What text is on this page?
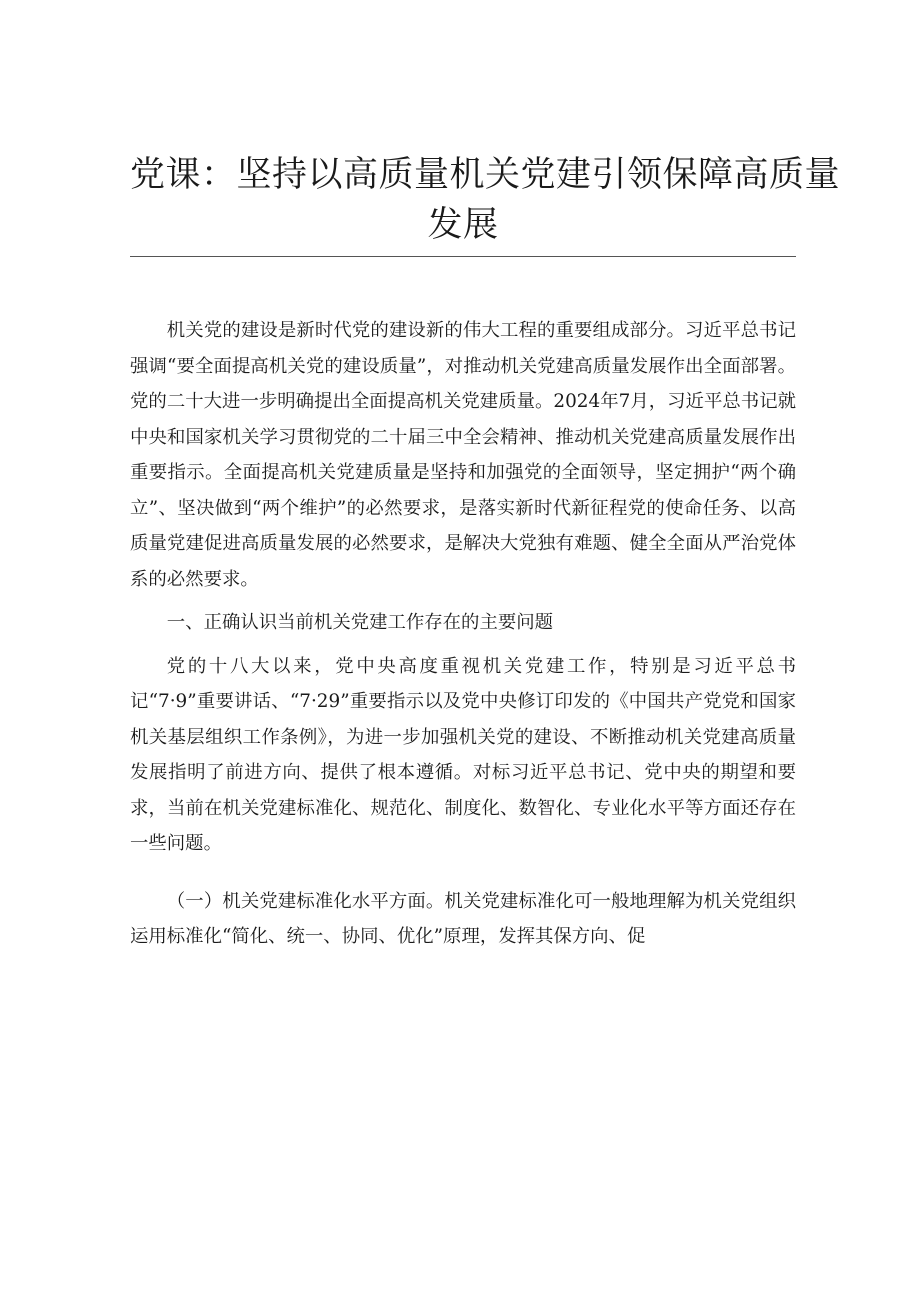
党课：坚持以高质量机关党建引领保障高质量
发展

机关党的建设是新时代党的建设新的伟大工程的重要组成部分。习近平总书记强调“要全面提高机关党的建设质量”，对推动机关党建高质量发展作出全面部署。党的二十大进一步明确提出全面提高机关党建质量。2024年7月，习近平总书记就中央和国家机关学习贯彻党的二十届三中全会精神、推动机关党建高质量发展作出重要指示。全面提高机关党建质量是坚持和加强党的全面领导，坚定拥护“两个确立”、坚决做到“两个维护”的必然要求，是落实新时代新征程党的使命任务、以高质量党建促进高质量发展的必然要求，是解决大党独有难题、健全全面从严治党体系的必然要求。

一、正确认识当前机关党建工作存在的主要问题

党的十八大以来，党中央高度重视机关党建工作，特别是习近平总书记“7·9”重要讲话、“7·29”重要指示以及党中央修订印发的《中国共产党党和国家机关基层组织工作条例》，为进一步加强机关党的建设、不断推动机关党建高质量发展指明了前进方向、提供了根本遵循。对标习近平总书记、党中央的期望和要求，当前在机关党建标准化、规范化、制度化、数智化、专业化水平等方面还存在一些问题。

（一）机关党建标准化水平方面。机关党建标准化可一般地理解为机关党组织运用标准化“简化、统一、协同、优化”原理，发挥其保方向、促
